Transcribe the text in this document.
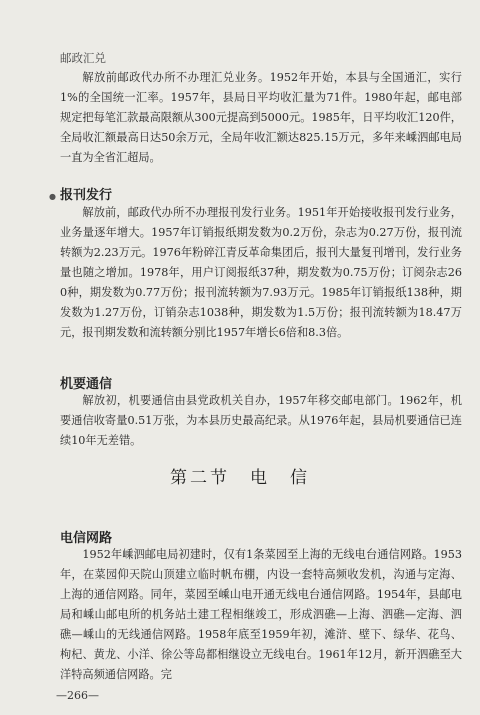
邮政汇兑

解放前邮政代办所不办理汇兑业务。1952年开始，本县与全国通汇，实行1%的全国统一汇率。1957年，县局日平均收汇量为71件。1980年起，邮电部规定把每笔汇款最高限额从300元提高到5000元。1985年，日平均收汇120件，全局收汇额最高日达50余万元，全局年收汇额达825.15万元，多年来嵊泗邮电局一直为全省汇超局。

● 报刊发行

解放前，邮政代办所不办理报刊发行业务。1951年开始接收报刊发行业务，业务量逐年增大。1957年订销报纸期发数为0.2万份，杂志为0.27万份，报刊流转额为2.23万元。1976年粉碎江青反革命集团后，报刊大量复刊增刊，发行业务量也随之增加。1978年，用户订阅报纸37种，期发数为0.75万份；订阅杂志260种，期发数为0.77万份；报刊流转额为7.93万元。1985年订销报纸138种，期发数为1.27万份，订销杂志1038种，期发数为1.5万份；报刊流转额为18.47万元，报刊期发数和流转额分别比1957年增长6倍和8.3倍。

机要通信

解放初，机要通信由县党政机关自办，1957年移交邮电部门。1962年，机要通信收寄量0.51万张，为本县历史最高纪录。从1976年起，县局机要通信已连续10年无差错。

第二节　电　信
电信网路

1952年嵊泗邮电局初建时，仅有1条菜园至上海的无线电台通信网路。1953年，在菜园仰天院山顶建立临时帆布棚，内设一套特高频收发机，沟通与定海、上海的通信网路。同年，菜园至嵊山电开通无线电台通信网路。1954年，县邮电局和嵊山邮电所的机务站土建工程相继竣工，形成泗礁—上海、泗礁—定海、泗礁—嵊山的无线通信网路。1958年底至1959年初，滩浒、壁下、绿华、花鸟、枸杞、黄龙、小洋、徐公等岛都相继设立无线电台。1961年12月，新开泗礁至大洋特高频通信网路。完

—266—
